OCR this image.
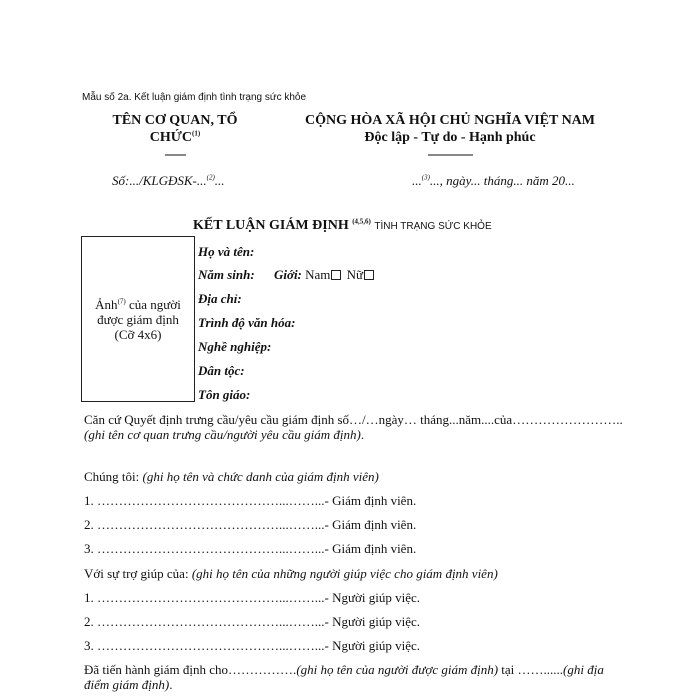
Mẫu số 2a. Kết luận giám định tình trạng sức khỏe
TÊN CƠ QUAN, TỔ
CHỨC$^{(1)}$
-------
CỘNG HÒA XÃ HỘI CHỦ NGHĨA VIỆT NAM
Độc lập - Tự do - Hạnh phúc
---------------
Số:.../KLGĐSK-...$^{(2)}$...	...$^{(3)}$..., ngày... tháng... năm 20...
KẾT LUẬN GIÁM ĐỊNH $^{(4,5,6)}$ TÌNH TRẠNG SỨC KHỎE
Ảnh$^{(7)}$ của người
được giám định
(Cỡ 4x6)
Họ và tên:
Năm sinh: Giới: Nam Nữ
Địa chỉ:
Trình độ văn hóa:
Nghề nghiệp:
Dân tộc:
Tôn giáo:
Căn cứ Quyết định trưng cầu/yêu cầu giám định số…/…ngày… tháng...năm....của……………………..(ghi tên cơ quan trưng cầu/người yêu cầu giám định).
Chúng tôi: (ghi họ tên và chức danh của giám định viên)
1. ……………………………………...……...- Giám định viên.
2. ……………………………………...……...- Giám định viên.
3. ……………………………………...……...- Giám định viên.
Với sự trợ giúp của: (ghi họ tên của những người giúp việc cho giám định viên)
1. ……………………………………...……...- Người giúp việc.
2. ……………………………………...……...- Người giúp việc.
3. ……………………………………...……...- Người giúp việc.
Đã tiến hành giám định cho…………….(ghi họ tên của người được giám định) tại ……......(ghi địa điểm giám định).
